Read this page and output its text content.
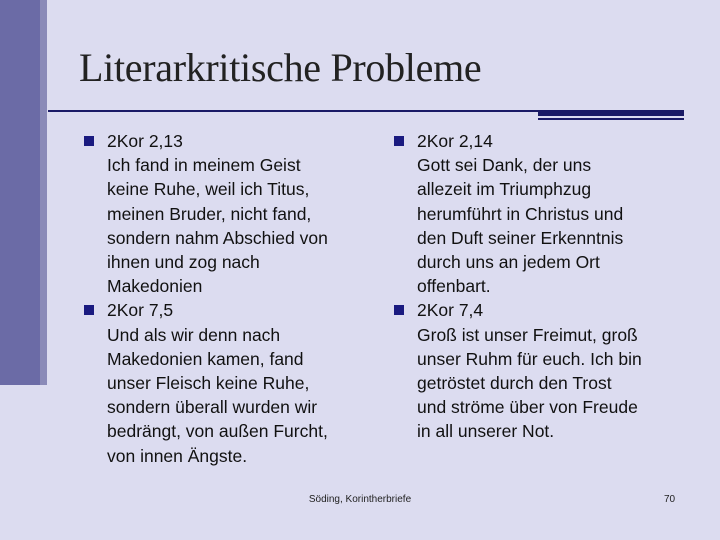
Literarkritische Probleme
2Kor 2,13
Ich fand in meinem Geist
keine Ruhe, weil ich Titus,
meinen Bruder, nicht fand,
sondern nahm Abschied von
ihnen und zog nach
Makedonien
2Kor 7,5
Und als wir denn nach
Makedonien kamen, fand
unser Fleisch keine Ruhe,
sondern überall wurden wir
bedrängt, von außen Furcht,
von innen Ängste.
2Kor 2,14
Gott sei Dank, der uns
allezeit im Triumphzug
herumführt in Christus und
den Duft seiner Erkenntnis
durch uns an jedem Ort
offenbart.
2Kor 7,4
Groß ist unser Freimut, groß
unser Ruhm für euch. Ich bin
getröstet durch den Trost
und ströme über von Freude
in all unserer Not.
Söding, Korintherbriefe	70
